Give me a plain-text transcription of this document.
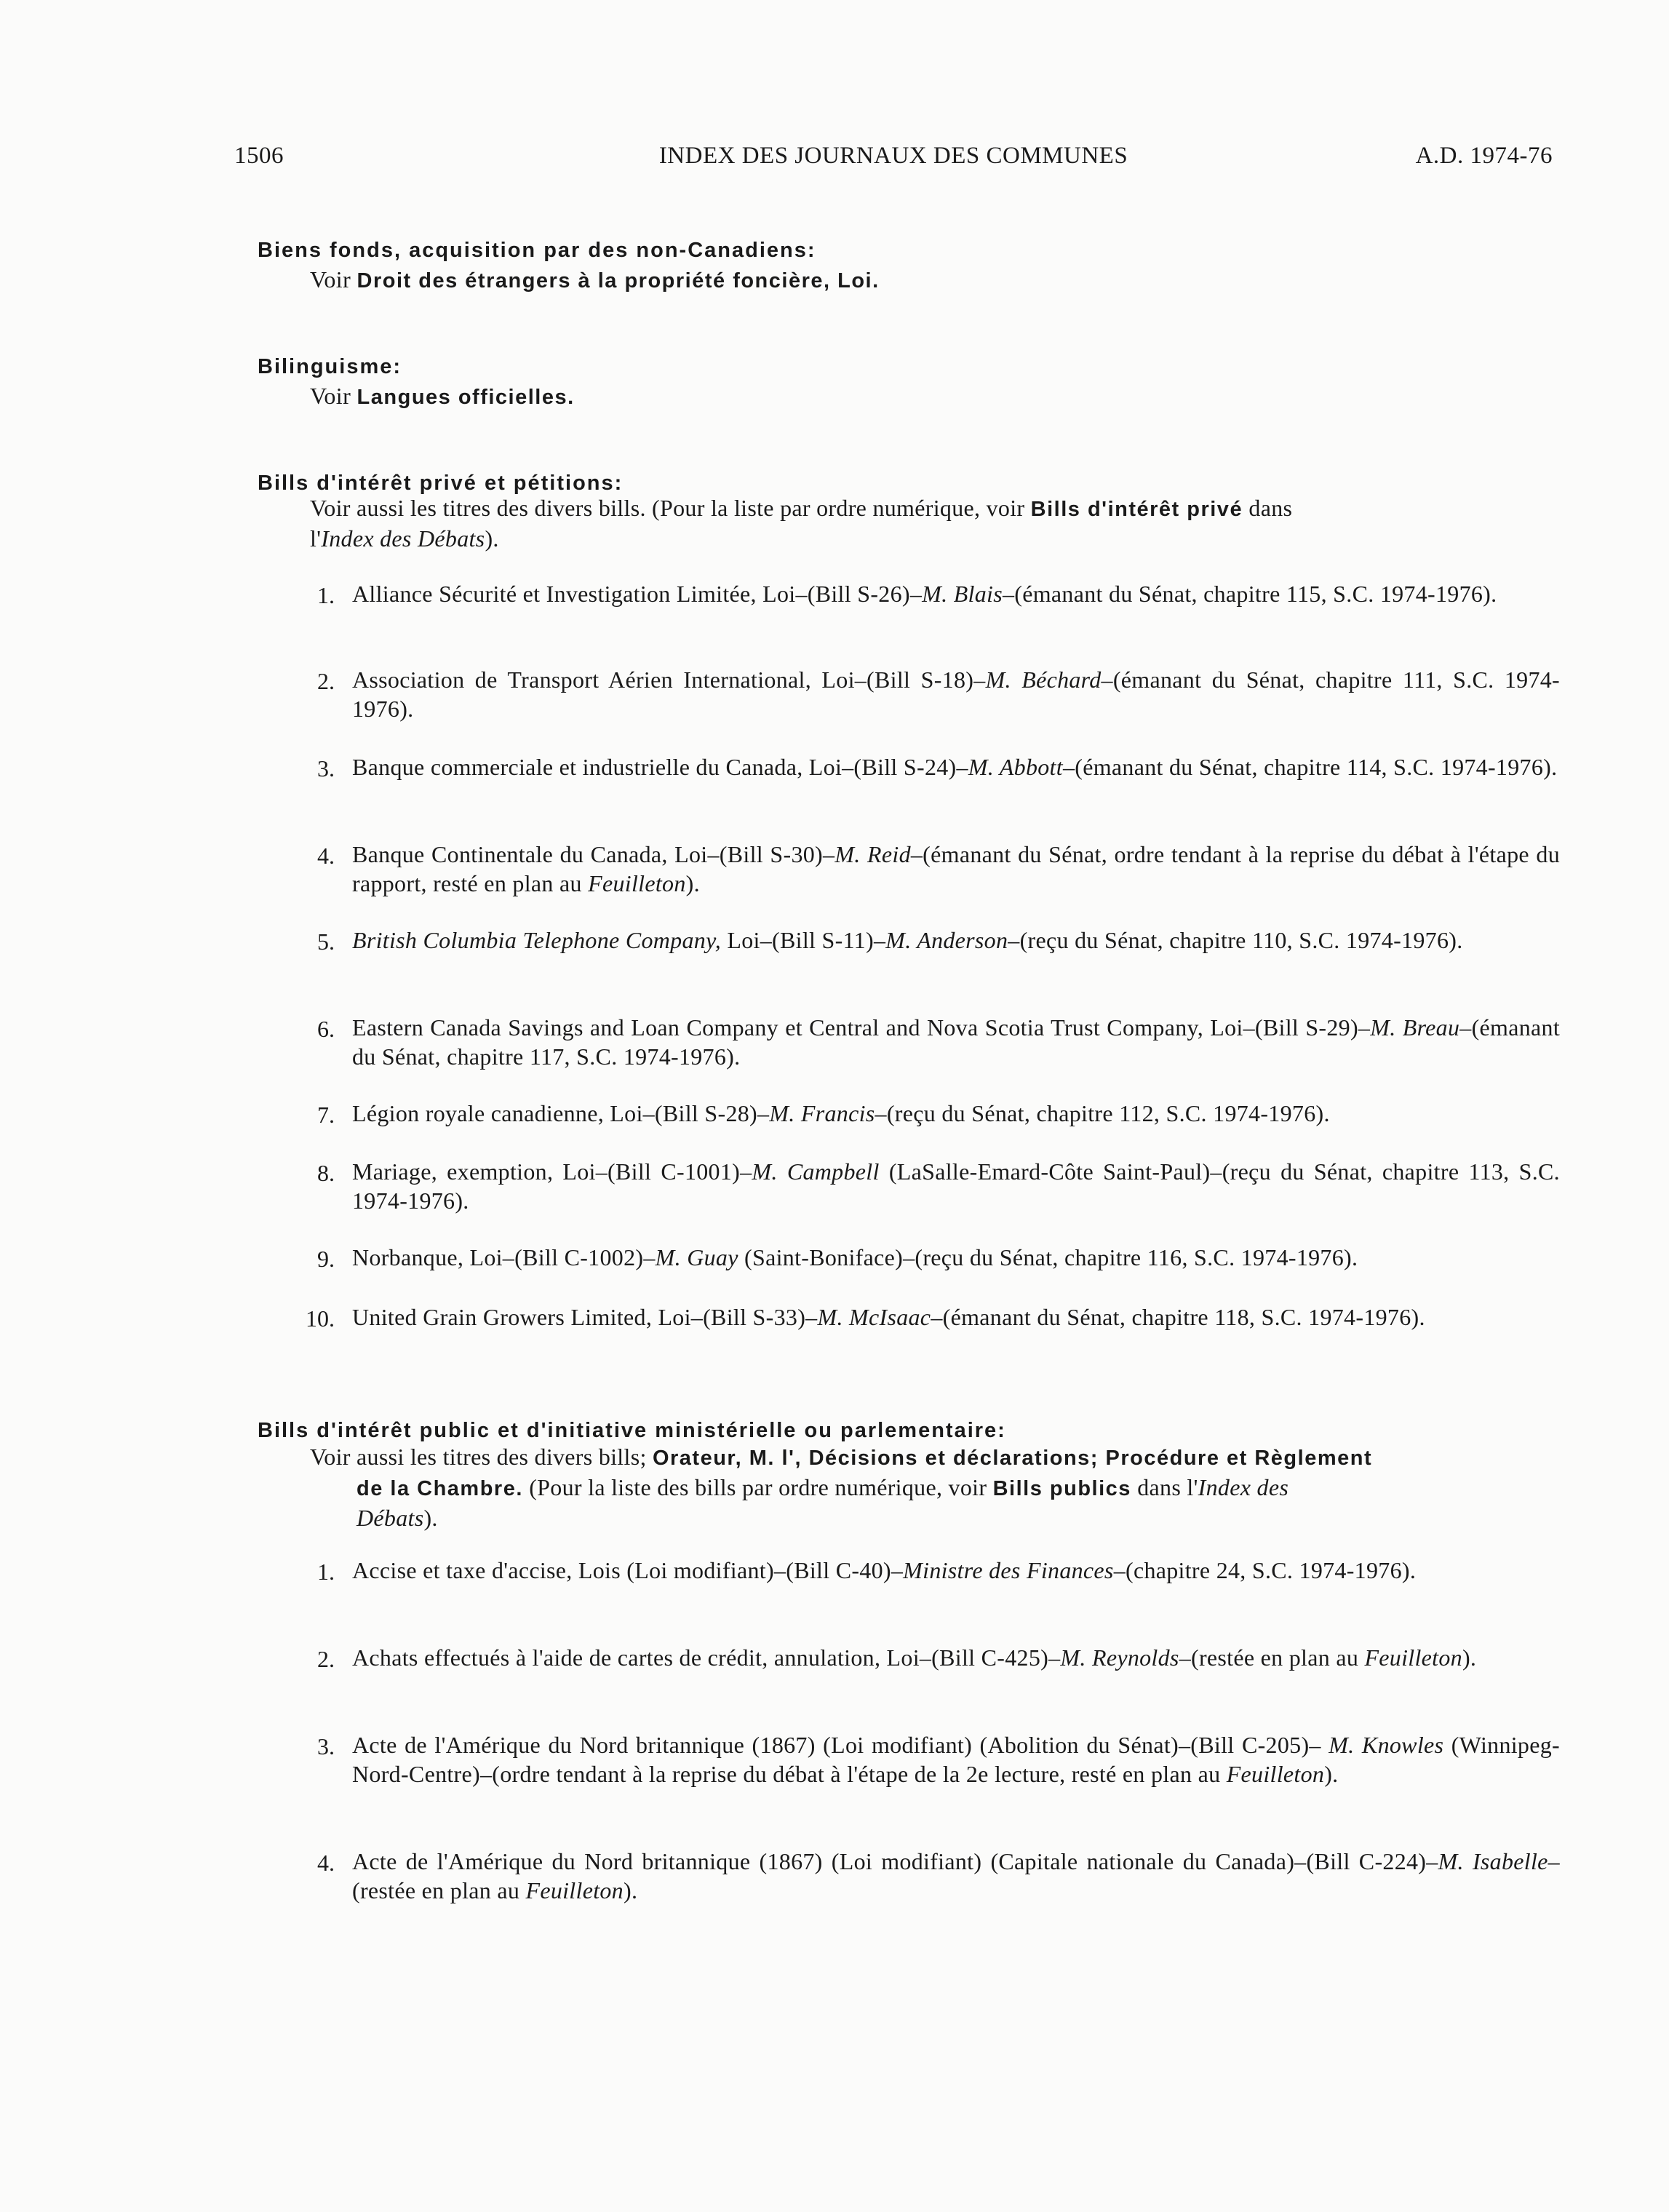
1506	INDEX DES JOURNAUX DES COMMUNES	A.D. 1974-76
Biens fonds, acquisition par des non-Canadiens:
Voir Droit des étrangers à la propriété foncière, Loi.
Bilinguisme:
Voir Langues officielles.
Bills d'intérêt privé et pétitions:
Voir aussi les titres des divers bills. (Pour la liste par ordre numérique, voir Bills d'intérêt privé dans
l'Index des Débats).
1. Alliance Sécurité et Investigation Limitée, Loi–(Bill S-26)–M. Blais–(émanant du Sénat, chapitre 115, S.C. 1974-1976).
2. Association de Transport Aérien International, Loi–(Bill S-18)–M. Béchard–(émanant du Sénat, chapitre 111, S.C. 1974-1976).
3. Banque commerciale et industrielle du Canada, Loi–(Bill S-24)–M. Abbott–(émanant du Sénat, chapitre 114, S.C. 1974-1976).
4. Banque Continentale du Canada, Loi–(Bill S-30)–M. Reid–(émanant du Sénat, ordre tendant à la reprise du débat à l'étape du rapport, resté en plan au Feuilleton).
5. British Columbia Telephone Company, Loi–(Bill S-11)–M. Anderson–(reçu du Sénat, chapitre 110, S.C. 1974-1976).
6. Eastern Canada Savings and Loan Company et Central and Nova Scotia Trust Company, Loi–(Bill S-29)–M. Breau–(émanant du Sénat, chapitre 117, S.C. 1974-1976).
7. Légion royale canadienne, Loi–(Bill S-28)–M. Francis–(reçu du Sénat, chapitre 112, S.C. 1974-1976).
8. Mariage, exemption, Loi–(Bill C-1001)–M. Campbell (LaSalle-Emard-Côte Saint-Paul)–(reçu du Sénat, chapitre 113, S.C. 1974-1976).
9. Norbanque, Loi–(Bill C-1002)–M. Guay (Saint-Boniface)–(reçu du Sénat, chapitre 116, S.C. 1974-1976).
10. United Grain Growers Limited, Loi–(Bill S-33)–M. McIsaac–(émanant du Sénat, chapitre 118, S.C. 1974-1976).
Bills d'intérêt public et d'initiative ministérielle ou parlementaire:
Voir aussi les titres des divers bills; Orateur, M. l', Décisions et déclarations; Procédure et Règlement
de la Chambre. (Pour la liste des bills par ordre numérique, voir Bills publics dans l'Index des
Débats).
1. Accise et taxe d'accise, Lois (Loi modifiant)–(Bill C-40)–Ministre des Finances–(chapitre 24, S.C. 1974-1976).
2. Achats effectués à l'aide de cartes de crédit, annulation, Loi–(Bill C-425)–M. Reynolds–(restée en plan au Feuilleton).
3. Acte de l'Amérique du Nord britannique (1867) (Loi modifiant) (Abolition du Sénat)–(Bill C-205)– M. Knowles (Winnipeg-Nord-Centre)–(ordre tendant à la reprise du débat à l'étape de la 2e lecture, resté en plan au Feuilleton).
4. Acte de l'Amérique du Nord britannique (1867) (Loi modifiant) (Capitale nationale du Canada)–(Bill C-224)–M. Isabelle–(restée en plan au Feuilleton).
